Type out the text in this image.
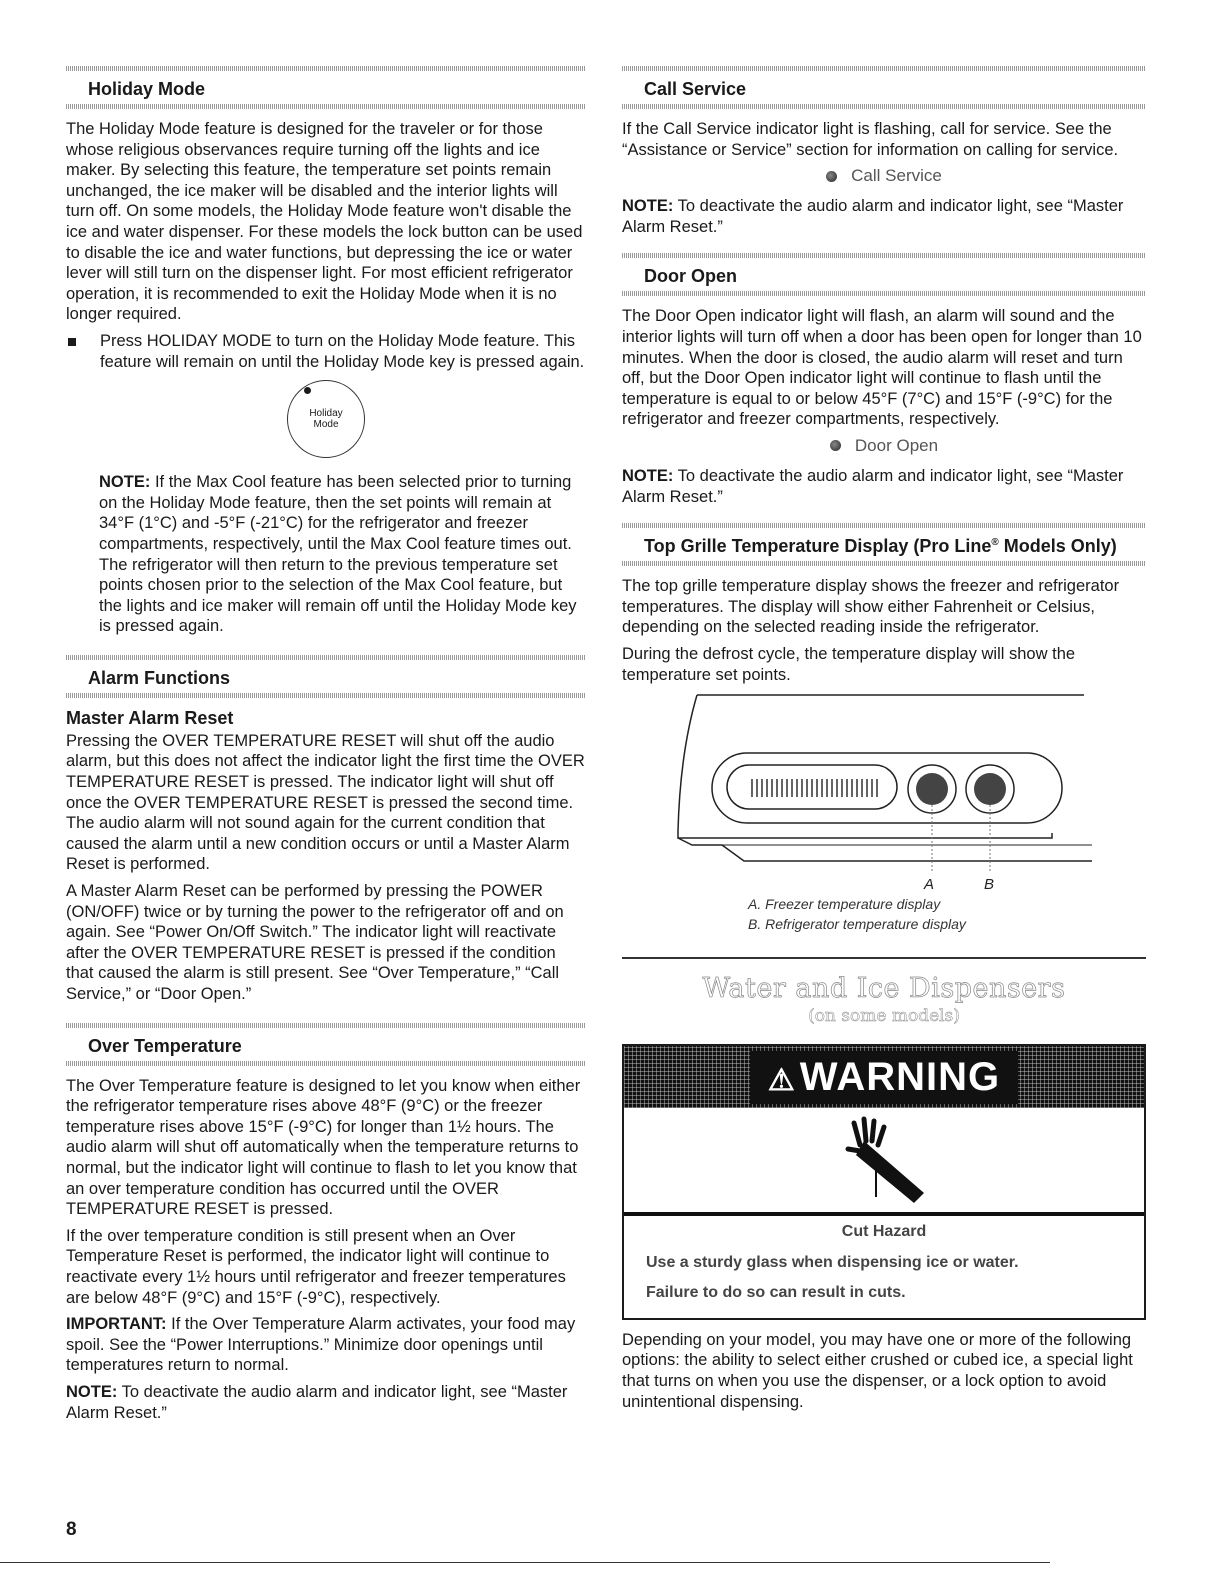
Holiday Mode

The Holiday Mode feature is designed for the traveler or for those whose religious observances require turning off the lights and ice maker. By selecting this feature, the temperature set points remain unchanged, the ice maker will be disabled and the interior lights will turn off. On some models, the Holiday Mode feature won't disable the ice and water dispenser. For these models the lock button can be used to disable the ice and water functions, but depressing the ice or water lever will still turn on the dispenser light. For most efficient refrigerator operation, it is recommended to exit the Holiday Mode when it is no longer required.

Press HOLIDAY MODE to turn on the Holiday Mode feature. This feature will remain on until the Holiday Mode key is pressed again.
Holiday
Mode

NOTE: If the Max Cool feature has been selected prior to turning on the Holiday Mode feature, then the set points will remain at 34°F (1°C) and -5°F (-21°C) for the refrigerator and freezer compartments, respectively, until the Max Cool feature times out. The refrigerator will then return to the previous temperature set points chosen prior to the selection of the Max Cool feature, but the lights and ice maker will remain off until the Holiday Mode key is pressed again.

Alarm Functions
Master Alarm Reset

Pressing the OVER TEMPERATURE RESET will shut off the audio alarm, but this does not affect the indicator light the first time the OVER TEMPERATURE RESET is pressed. The indicator light will shut off once the OVER TEMPERATURE RESET is pressed the second time. The audio alarm will not sound again for the current condition that caused the alarm until a new condition occurs or until a Master Alarm Reset is performed.

A Master Alarm Reset can be performed by pressing the POWER (ON/OFF) twice or by turning the power to the refrigerator off and on again. See “Power On/Off Switch.” The indicator light will reactivate after the OVER TEMPERATURE RESET is pressed if the condition that caused the alarm is still present. See “Over Temperature,” “Call Service,” or “Door Open.”

Over Temperature

The Over Temperature feature is designed to let you know when either the refrigerator temperature rises above 48°F (9°C) or the freezer temperature rises above 15°F (-9°C) for longer than 1½ hours. The audio alarm will shut off automatically when the temperature returns to normal, but the indicator light will continue to flash to let you know that an over temperature condition has occurred until the OVER TEMPERATURE RESET is pressed.

If the over temperature condition is still present when an Over Temperature Reset is performed, the indicator light will continue to reactivate every 1½ hours until refrigerator and freezer temperatures are below 48°F (9°C) and 15°F (-9°C), respectively.

IMPORTANT: If the Over Temperature Alarm activates, your food may spoil. See the “Power Interruptions.” Minimize door openings until temperatures return to normal.

NOTE: To deactivate the audio alarm and indicator light, see “Master Alarm Reset.”

Call Service

If the Call Service indicator light is flashing, call for service. See the “Assistance or Service” section for information on calling for service.

Call Service

NOTE: To deactivate the audio alarm and indicator light, see “Master Alarm Reset.”

Door Open

The Door Open indicator light will flash, an alarm will sound and the interior lights will turn off when a door has been open for longer than 10 minutes. When the door is closed, the audio alarm will reset and turn off, but the Door Open indicator light will continue to flash until the temperature is equal to or below 45°F (7°C) and 15°F (-9°C) for the refrigerator and freezer compartments, respectively.

Door Open

NOTE: To deactivate the audio alarm and indicator light, see “Master Alarm Reset.”

Top Grille Temperature Display (Pro Line® Models Only)

The top grille temperature display shows the freezer and refrigerator temperatures. The display will show either Fahrenheit or Celsius, depending on the selected reading inside the refrigerator.

During the defrost cycle, the temperature display will show the temperature set points.

A	B

A. Freezer temperature display

B. Refrigerator temperature display

Water and Ice Dispensers
(on some models)
⚠ WARNING

Cut Hazard

Use a sturdy glass when dispensing ice or water.

Failure to do so can result in cuts.

Depending on your model, you may have one or more of the following options: the ability to select either crushed or cubed ice, a special light that turns on when you use the dispenser, or a lock option to avoid unintentional dispensing.

8
